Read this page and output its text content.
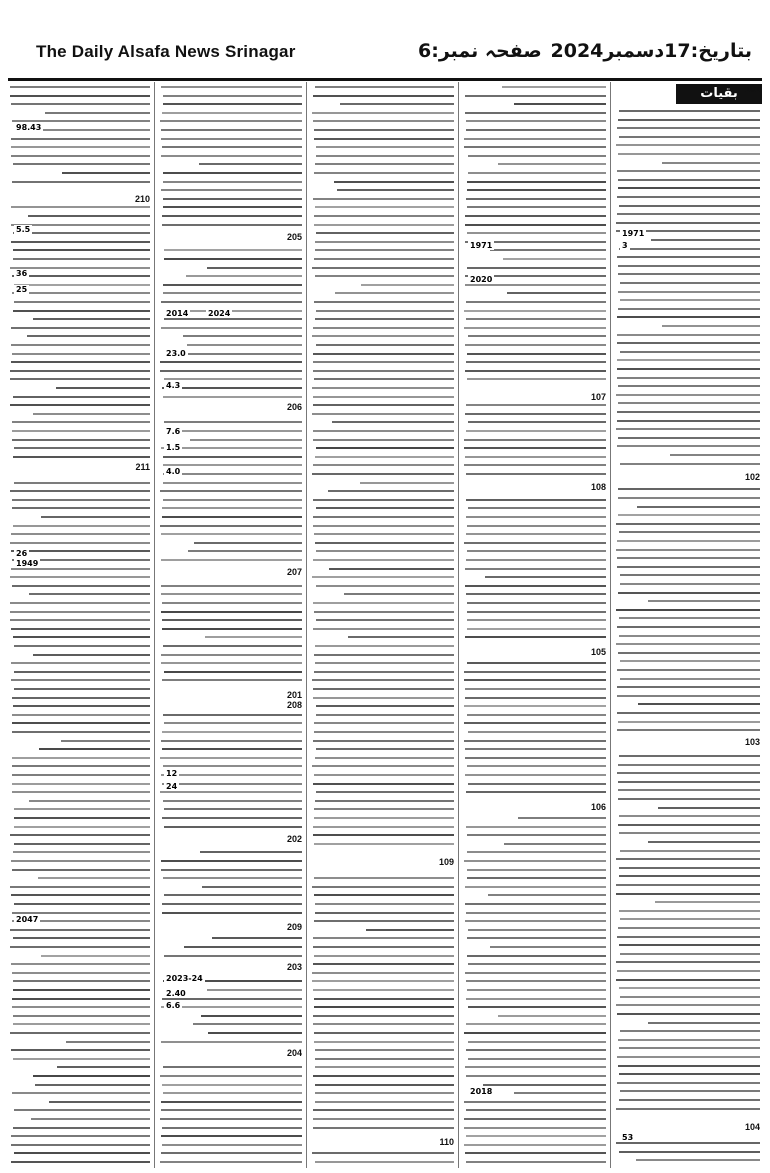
The Daily Alsafa News Srinagar	صفحہ نمبر:6 بتاریخ:17دسمبر2024
210
211
98.43
5.5
36
25
1949
26
2047
201
202
203
204
205
206
207
208
209
23.0
4.3
7.6
1.5
4.0
12
24
2014 2024
2023-24
2.40
6.6
109
110
105
106
107
108
1971
2020
2018
بقیات 101
102
103
104
1971
3
53
